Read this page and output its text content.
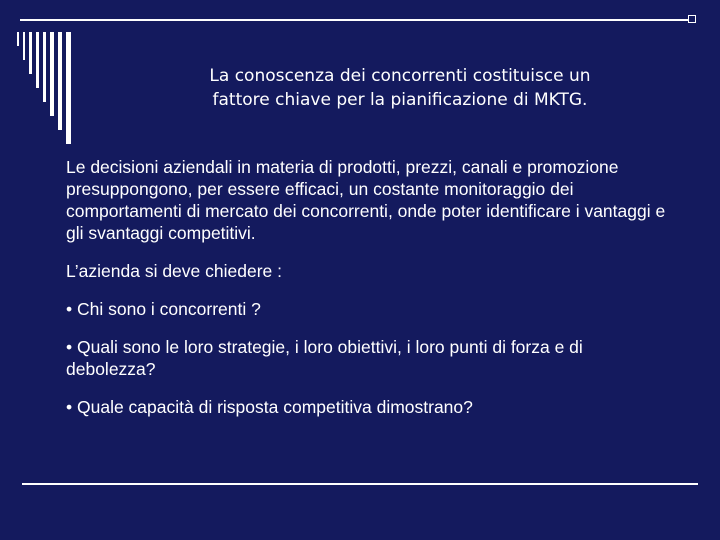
La conoscenza dei concorrenti costituisce un
fattore chiave per la pianificazione di MKTG.

Le decisioni aziendali in materia di prodotti, prezzi, canali e promozione presuppongono, per essere efficaci, un costante monitoraggio dei comportamenti di mercato dei concorrenti, onde poter identificare i vantaggi e gli svantaggi competitivi.

L’azienda si deve chiedere :

• Chi sono i concorrenti ?

• Quali sono le loro strategie, i loro obiettivi, i loro punti di forza e di debolezza?

• Quale capacità di risposta competitiva dimostrano?
